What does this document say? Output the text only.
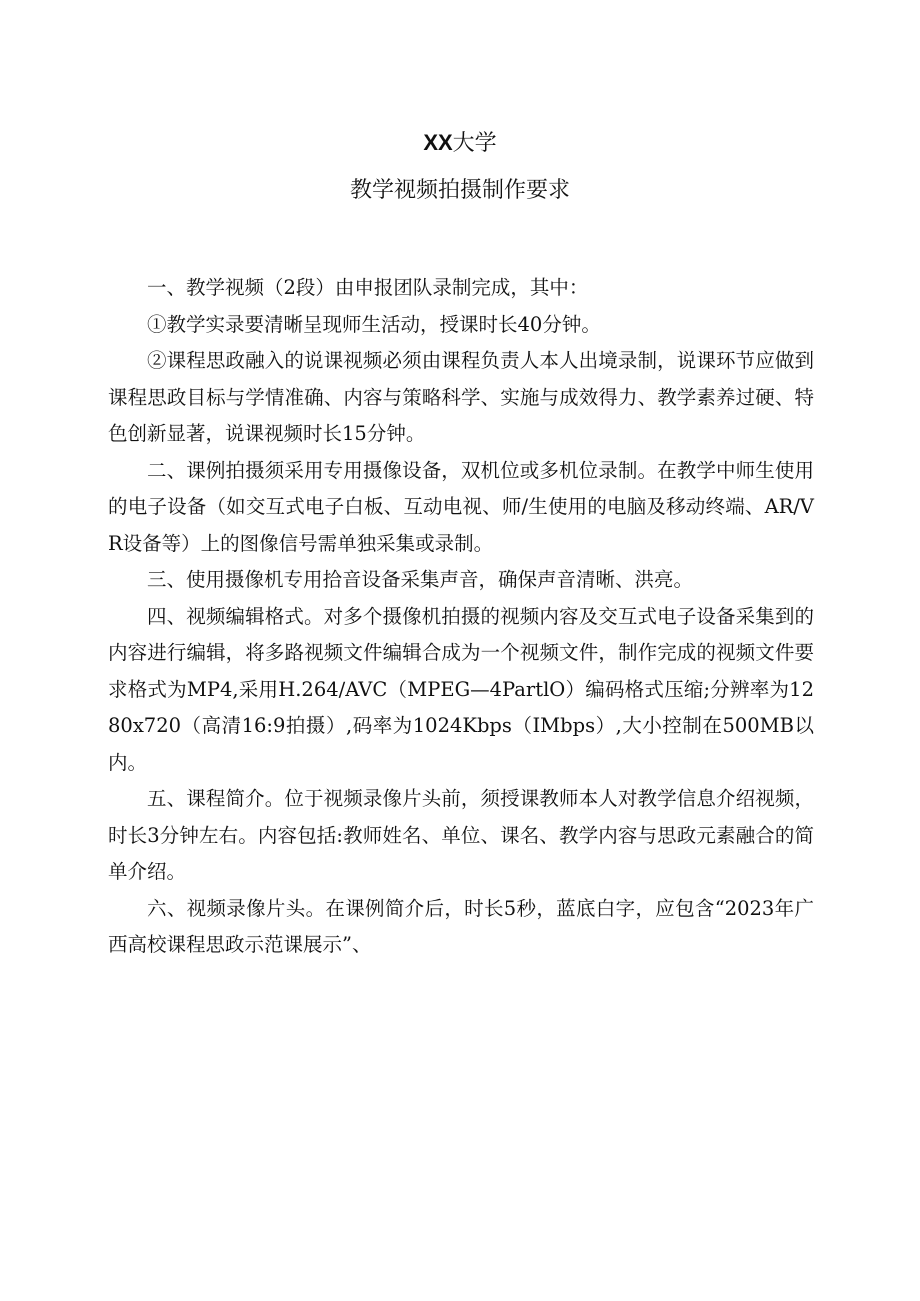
XX大学
教学视频拍摄制作要求

一、教学视频（2段）由申报团队录制完成，其中：

①教学实录要清晰呈现师生活动，授课时长40分钟。

②课程思政融入的说课视频必须由课程负责人本人出境录制，说课环节应做到课程思政目标与学情准确、内容与策略科学、实施与成效得力、教学素养过硬、特色创新显著，说课视频时长15分钟。

二、课例拍摄须采用专用摄像设备，双机位或多机位录制。在教学中师生使用的电子设备（如交互式电子白板、互动电视、师/生使用的电脑及移动终端、AR/VR设备等）上的图像信号需单独采集或录制。

三、使用摄像机专用拾音设备采集声音，确保声音清晰、洪亮。

四、视频编辑格式。对多个摄像机拍摄的视频内容及交互式电子设备采集到的内容进行编辑，将多路视频文件编辑合成为一个视频文件，制作完成的视频文件要求格式为MP4,采用H.264∕AVC（MPEG—4PartlO）编码格式压缩;分辨率为1280x720（高清16:9拍摄）,码率为1024Kbps（IMbps）,大小控制在500MB以内。

五、课程简介。位于视频录像片头前，须授课教师本人对教学信息介绍视频，时长3分钟左右。内容包括:教师姓名、单位、课名、教学内容与思政元素融合的简单介绍。

六、视频录像片头。在课例简介后，时长5秒，蓝底白字，应包含“2023年广西高校课程思政示范课展示”、
